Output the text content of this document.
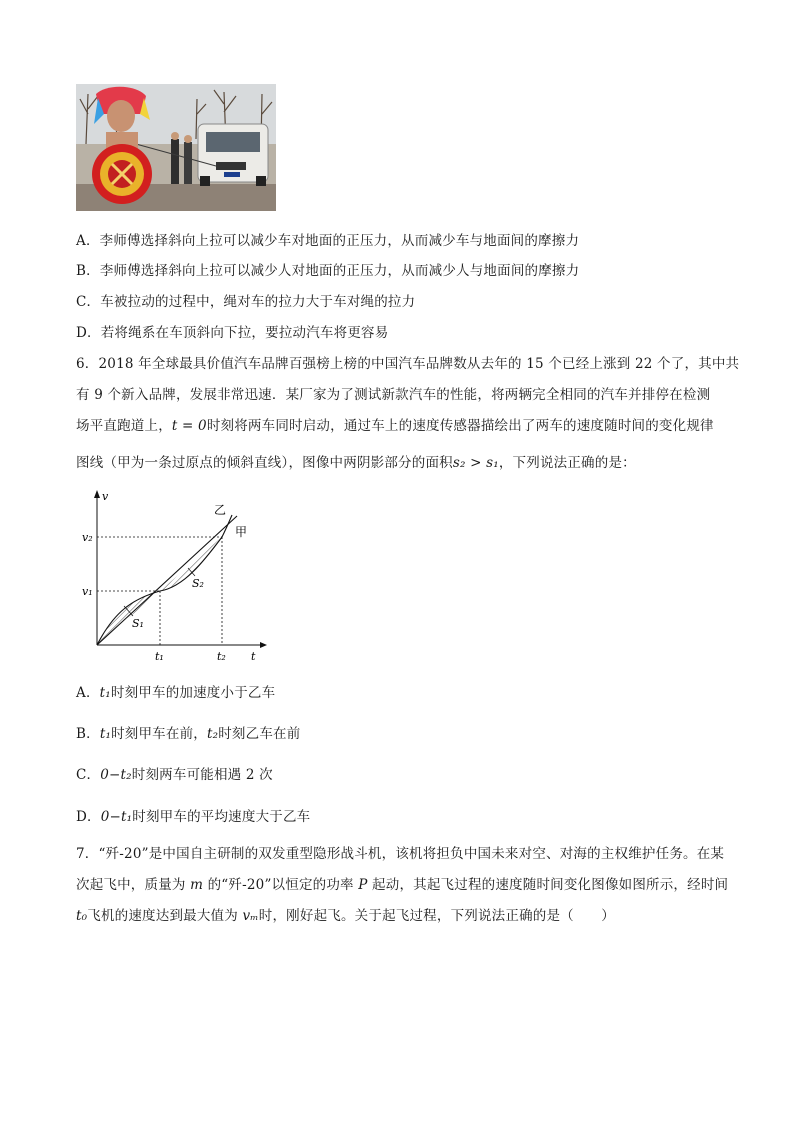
A．李师傅选择斜向上拉可以减少车对地面的正压力，从而减少车与地面间的摩擦力
B．李师傅选择斜向上拉可以减少人对地面的正压力，从而减少人与地面间的摩擦力
C．车被拉动的过程中，绳对车的拉力大于车对绳的拉力
D．若将绳系在车顶斜向下拉，要拉动汽车将更容易
6．2018 年全球最具价值汽车品牌百强榜上榜的中国汽车品牌数从去年的 15 个已经上涨到 22 个了，其中共
有 9 个新入品牌，发展非常迅速．某厂家为了测试新款汽车的性能，将两辆完全相同的汽车并排停在检测
场平直跑道上，t = 0时刻将两车同时启动，通过车上的速度传感器描绘出了两车的速度随时间的变化规律
图线（甲为一条过原点的倾斜直线），图像中两阴影部分的面积s₂ > s₁，下列说法正确的是：
v
t
v₂
v₁
t₁	t₂
乙
甲
S₁
S₂
A．t₁时刻甲车的加速度小于乙车
B．t₁时刻甲车在前，t₂时刻乙车在前
C．0−t₂时刻两车可能相遇 2 次
D．0−t₁时刻甲车的平均速度大于乙车
7．“歼-20”是中国自主研制的双发重型隐形战斗机，该机将担负中国未来对空、对海的主权维护任务。在某
次起飞中，质量为 m 的“歼-20”以恒定的功率 P 起动，其起飞过程的速度随时间变化图像如图所示，经时间
t₀飞机的速度达到最大值为 vₘ时，刚好起飞。关于起飞过程，下列说法正确的是（　　）
